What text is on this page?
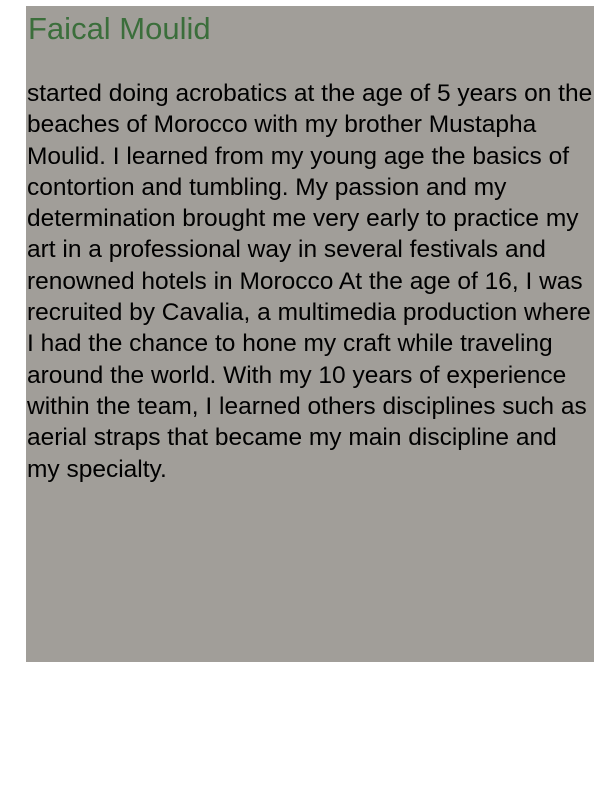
Faical Moulid

started doing acrobatics at the age of 5 years on the beaches of Morocco with my brother Mustapha Moulid. I learned from my young age the basics of contortion and tumbling. My passion and my determination brought me very early to practice my art in a professional way in several festivals and renowned hotels in Morocco At the age of 16, I was recruited by Cavalia, a multimedia production where I had the chance to hone my craft while traveling around the world. With my 10 years of experience within the team, I learned others disciplines such as aerial straps that became my main discipline and my specialty.
